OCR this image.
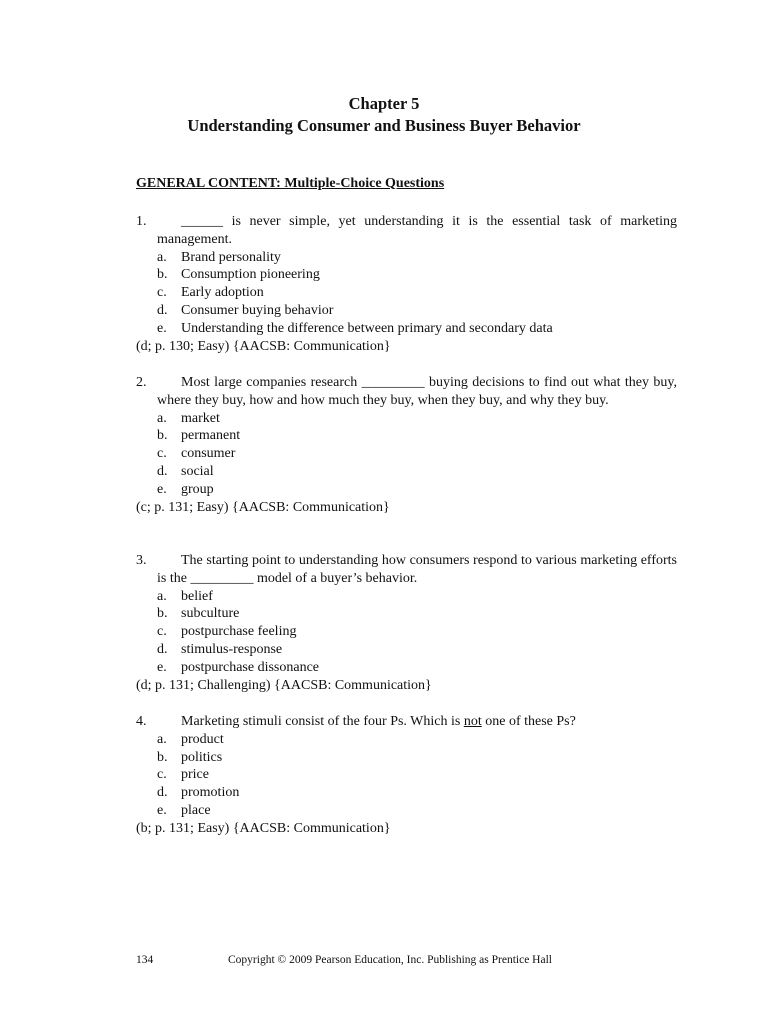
Chapter 5
Understanding Consumer and Business Buyer Behavior
GENERAL CONTENT: Multiple-Choice Questions
1.	______ is never simple, yet understanding it is the essential task of marketing management.
a. Brand personality
b. Consumption pioneering
c. Early adoption
d. Consumer buying behavior
e. Understanding the difference between primary and secondary data
(d; p. 130; Easy) {AACSB: Communication}
2.	Most large companies research _________ buying decisions to find out what they buy, where they buy, how and how much they buy, when they buy, and why they buy.
a. market
b. permanent
c. consumer
d. social
e. group
(c; p. 131; Easy) {AACSB: Communication}
3.	The starting point to understanding how consumers respond to various marketing efforts is the _________ model of a buyer’s behavior.
a. belief
b. subculture
c. postpurchase feeling
d. stimulus-response
e. postpurchase dissonance
(d; p. 131; Challenging) {AACSB: Communication}
4.	Marketing stimuli consist of the four Ps. Which is not one of these Ps?
a. product
b. politics
c. price
d. promotion
e. place
(b; p. 131; Easy) {AACSB: Communication}
134	Copyright © 2009 Pearson Education, Inc. Publishing as Prentice Hall
